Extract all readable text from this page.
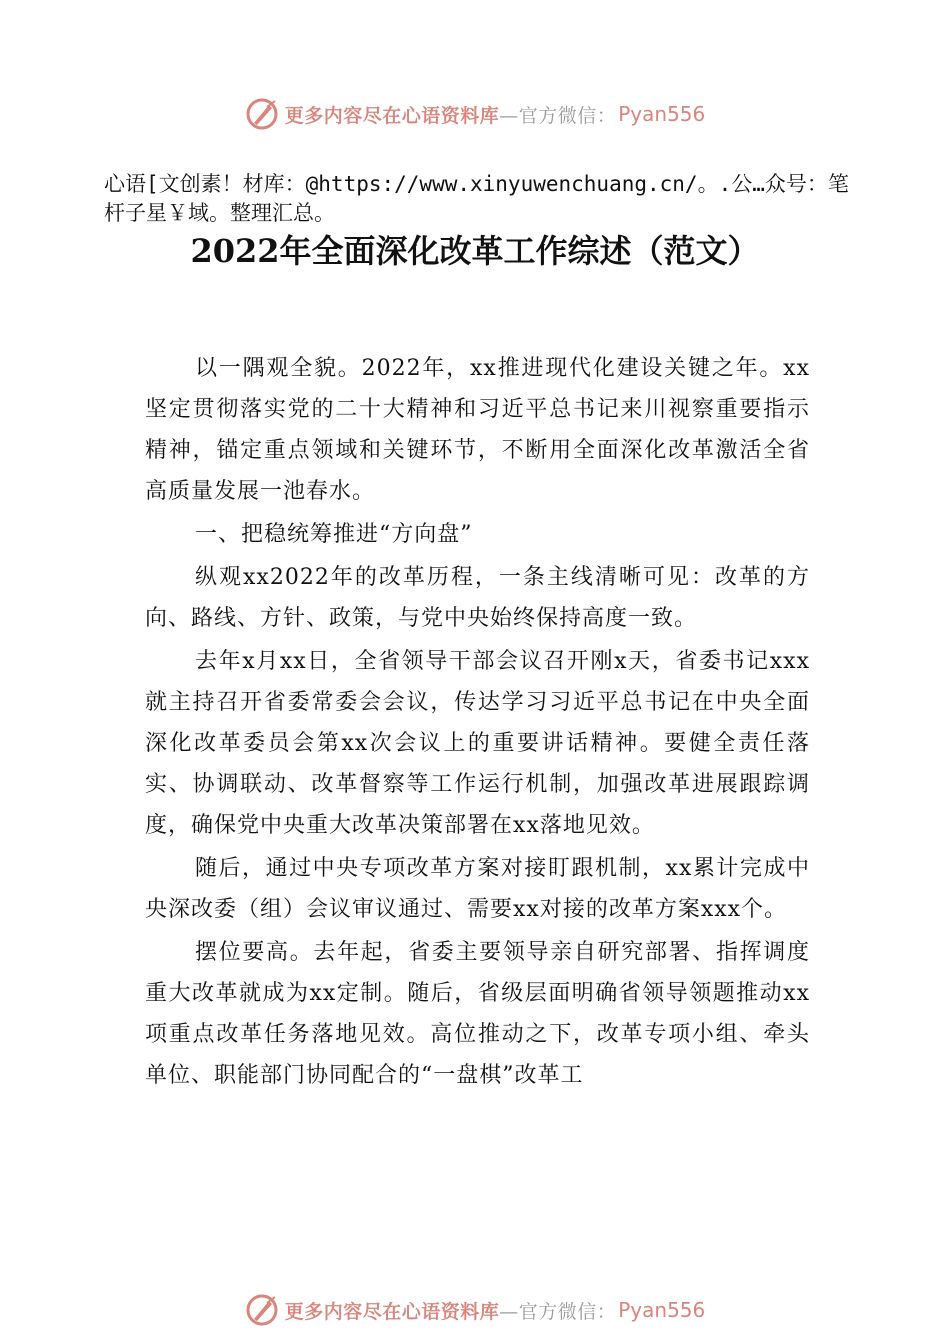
更多内容尽在心语资料库 —官方微信： Pyan556

心语[文创素！材库：@https://www.xinyuwenchuang.cn/。.公…众号：笔杆子星￥域。整理汇总。

2022年全面深化改革工作综述（范文）

以一隅观全貌。2022年，xx推进现代化建设关键之年。xx坚定贯彻落实党的二十大精神和习近平总书记来川视察重要指示精神，锚定重点领域和关键环节，不断用全面深化改革激活全省高质量发展一池春水。

一、把稳统筹推进“方向盘”

纵观xx2022年的改革历程，一条主线清晰可见：改革的方向、路线、方针、政策，与党中央始终保持高度一致。

去年x月xx日，全省领导干部会议召开刚x天，省委书记xxx就主持召开省委常委会会议，传达学习习近平总书记在中央全面深化改革委员会第xx次会议上的重要讲话精神。要健全责任落实、协调联动、改革督察等工作运行机制，加强改革进展跟踪调度，确保党中央重大改革决策部署在xx落地见效。

随后，通过中央专项改革方案对接盯跟机制，xx累计完成中央深改委（组）会议审议通过、需要xx对接的改革方案xxx个。

摆位要高。去年起，省委主要领导亲自研究部署、指挥调度重大改革就成为xx定制。随后，省级层面明确省领导领题推动xx项重点改革任务落地见效。高位推动之下，改革专项小组、牵头单位、职能部门协同配合的“一盘棋”改革工

更多内容尽在心语资料库 —官方微信： Pyan556
